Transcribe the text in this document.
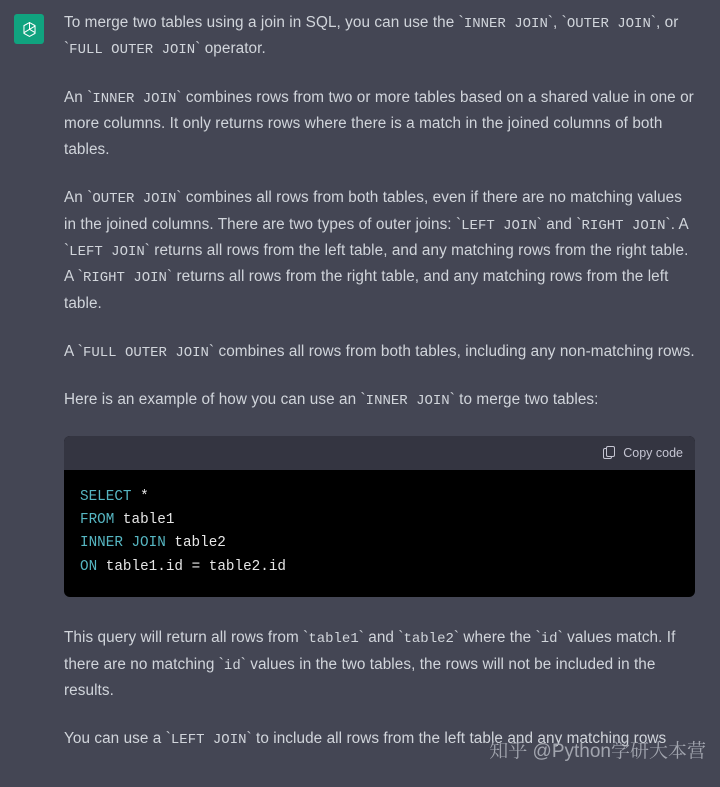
To merge two tables using a join in SQL, you can use the `INNER JOIN`, `OUTER JOIN`, or `FULL OUTER JOIN` operator.

An `INNER JOIN` combines rows from two or more tables based on a shared value in one or more columns. It only returns rows where there is a match in the joined columns of both tables.

An `OUTER JOIN` combines all rows from both tables, even if there are no matching values in the joined columns. There are two types of outer joins: `LEFT JOIN` and `RIGHT JOIN`. A `LEFT JOIN` returns all rows from the left table, and any matching rows from the right table. A `RIGHT JOIN` returns all rows from the right table, and any matching rows from the left table.

A `FULL OUTER JOIN` combines all rows from both tables, including any non-matching rows.

Here is an example of how you can use an `INNER JOIN` to merge two tables:

Copy code
SELECT *
FROM table1
INNER JOIN table2
ON table1.id = table2.id

This query will return all rows from `table1` and `table2` where the `id` values match. If there are no matching `id` values in the two tables, the rows will not be included in the results.

You can use a `LEFT JOIN` to include all rows from the left table and any matching rows

知乎 @Python学研大本营
